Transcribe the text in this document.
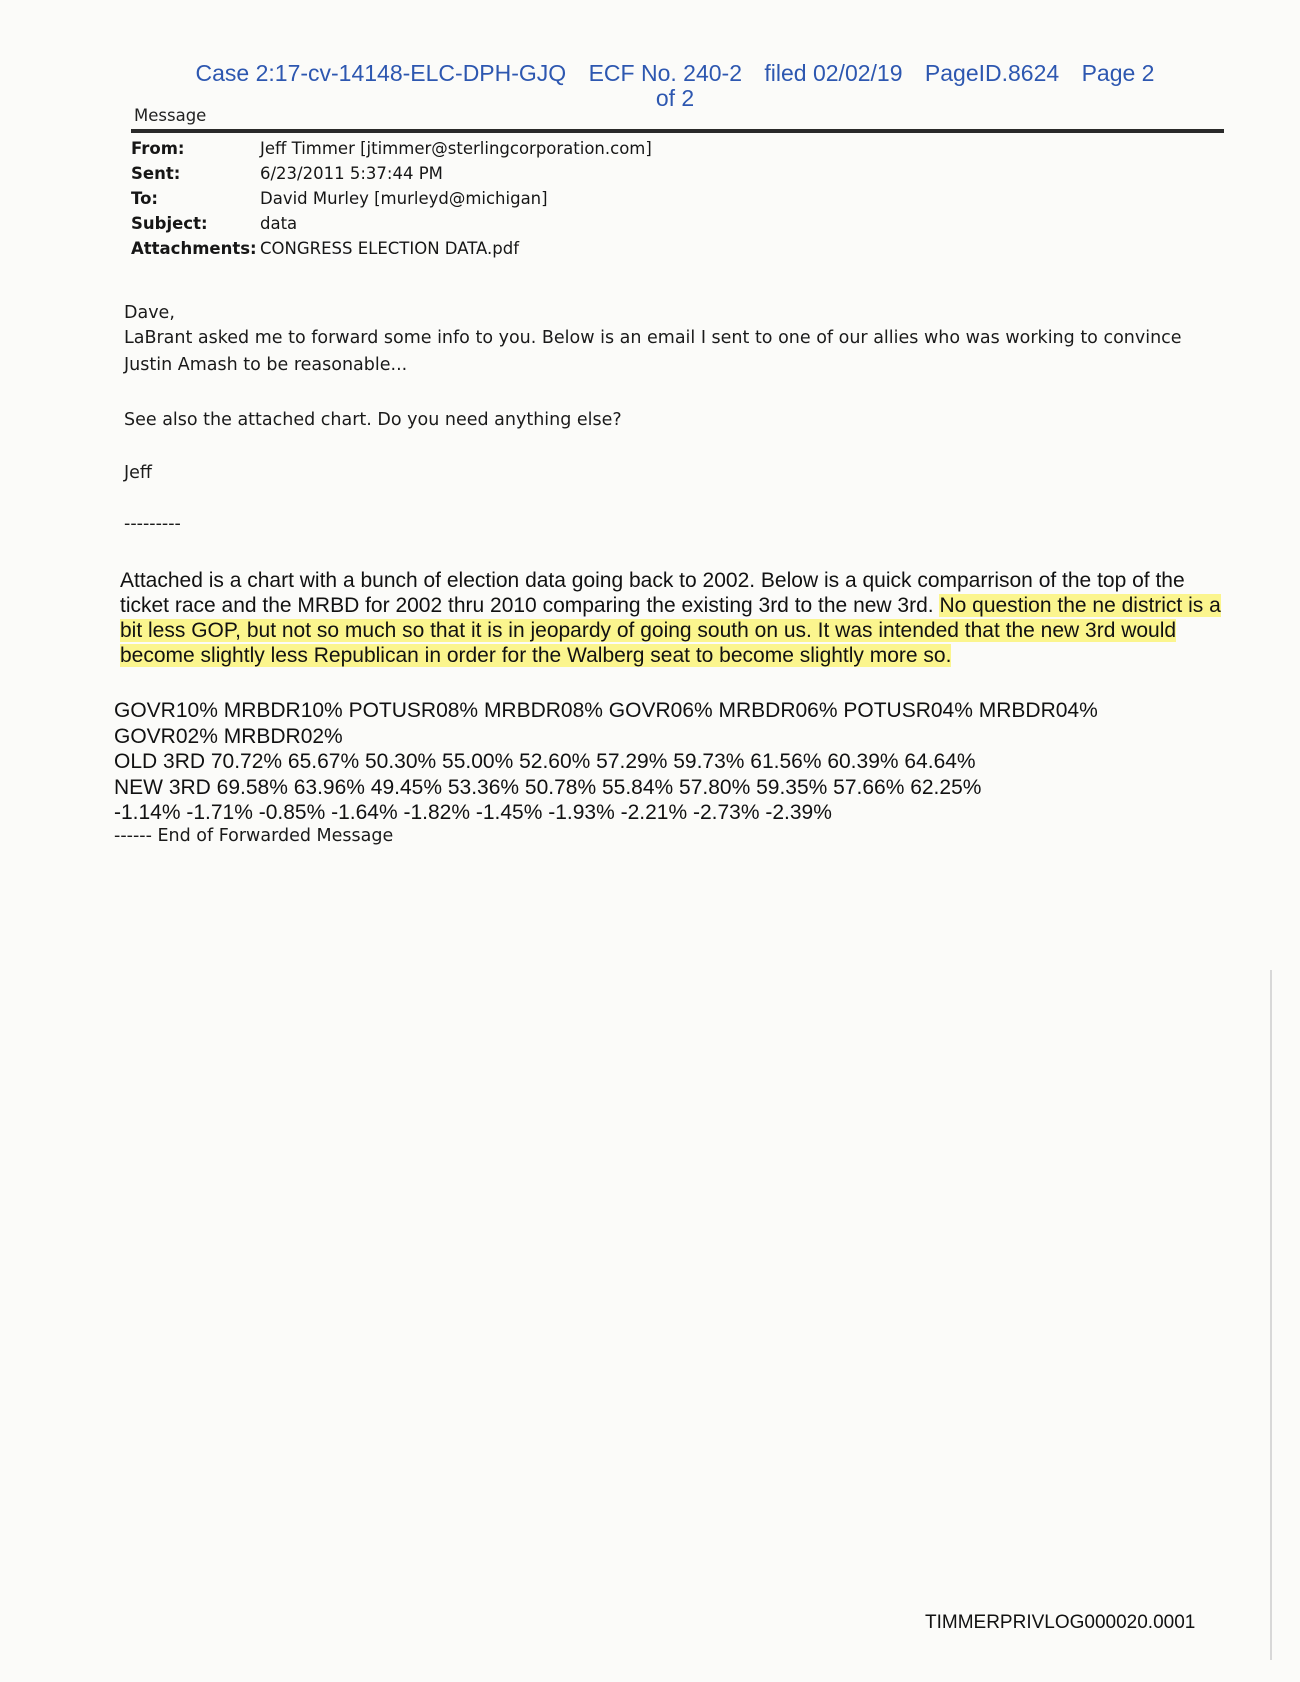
Case 2:17-cv-14148-ELC-DPH-GJQ ECF No. 240-2 filed 02/02/19 PageID.8624 Page 2
of 2
Message
From:	Jeff Timmer [jtimmer@sterlingcorporation.com]
Sent:	6/23/2011 5:37:44 PM
To:	David Murley [murleyd@michigan]
Subject:	data
Attachments:	CONGRESS ELECTION DATA.pdf
Dave,
LaBrant asked me to forward some info to you. Below is an email I sent to one of our allies who was working to convince
Justin Amash to be reasonable...
See also the attached chart. Do you need anything else?
Jeff
---------
Attached is a chart with a bunch of election data going back to 2002. Below is a quick comparrison of the top of the ticket race and the MRBD for 2002 thru 2010 comparing the existing 3rd to the new 3rd. No question the ne district is a bit less GOP, but not so much so that it is in jeopardy of going south on us. It was intended that the new 3rd would become slightly less Republican in order for the Walberg seat to become slightly more so.
GOVR10% MRBDR10% POTUSR08% MRBDR08% GOVR06% MRBDR06% POTUSR04% MRBDR04%
GOVR02% MRBDR02%
OLD 3RD 70.72% 65.67% 50.30% 55.00% 52.60% 57.29% 59.73% 61.56% 60.39% 64.64%
NEW 3RD 69.58% 63.96% 49.45% 53.36% 50.78% 55.84% 57.80% 59.35% 57.66% 62.25%
-1.14% -1.71% -0.85% -1.64% -1.82% -1.45% -1.93% -2.21% -2.73% -2.39%
------ End of Forwarded Message
TIMMERPRIVLOG000020.0001
